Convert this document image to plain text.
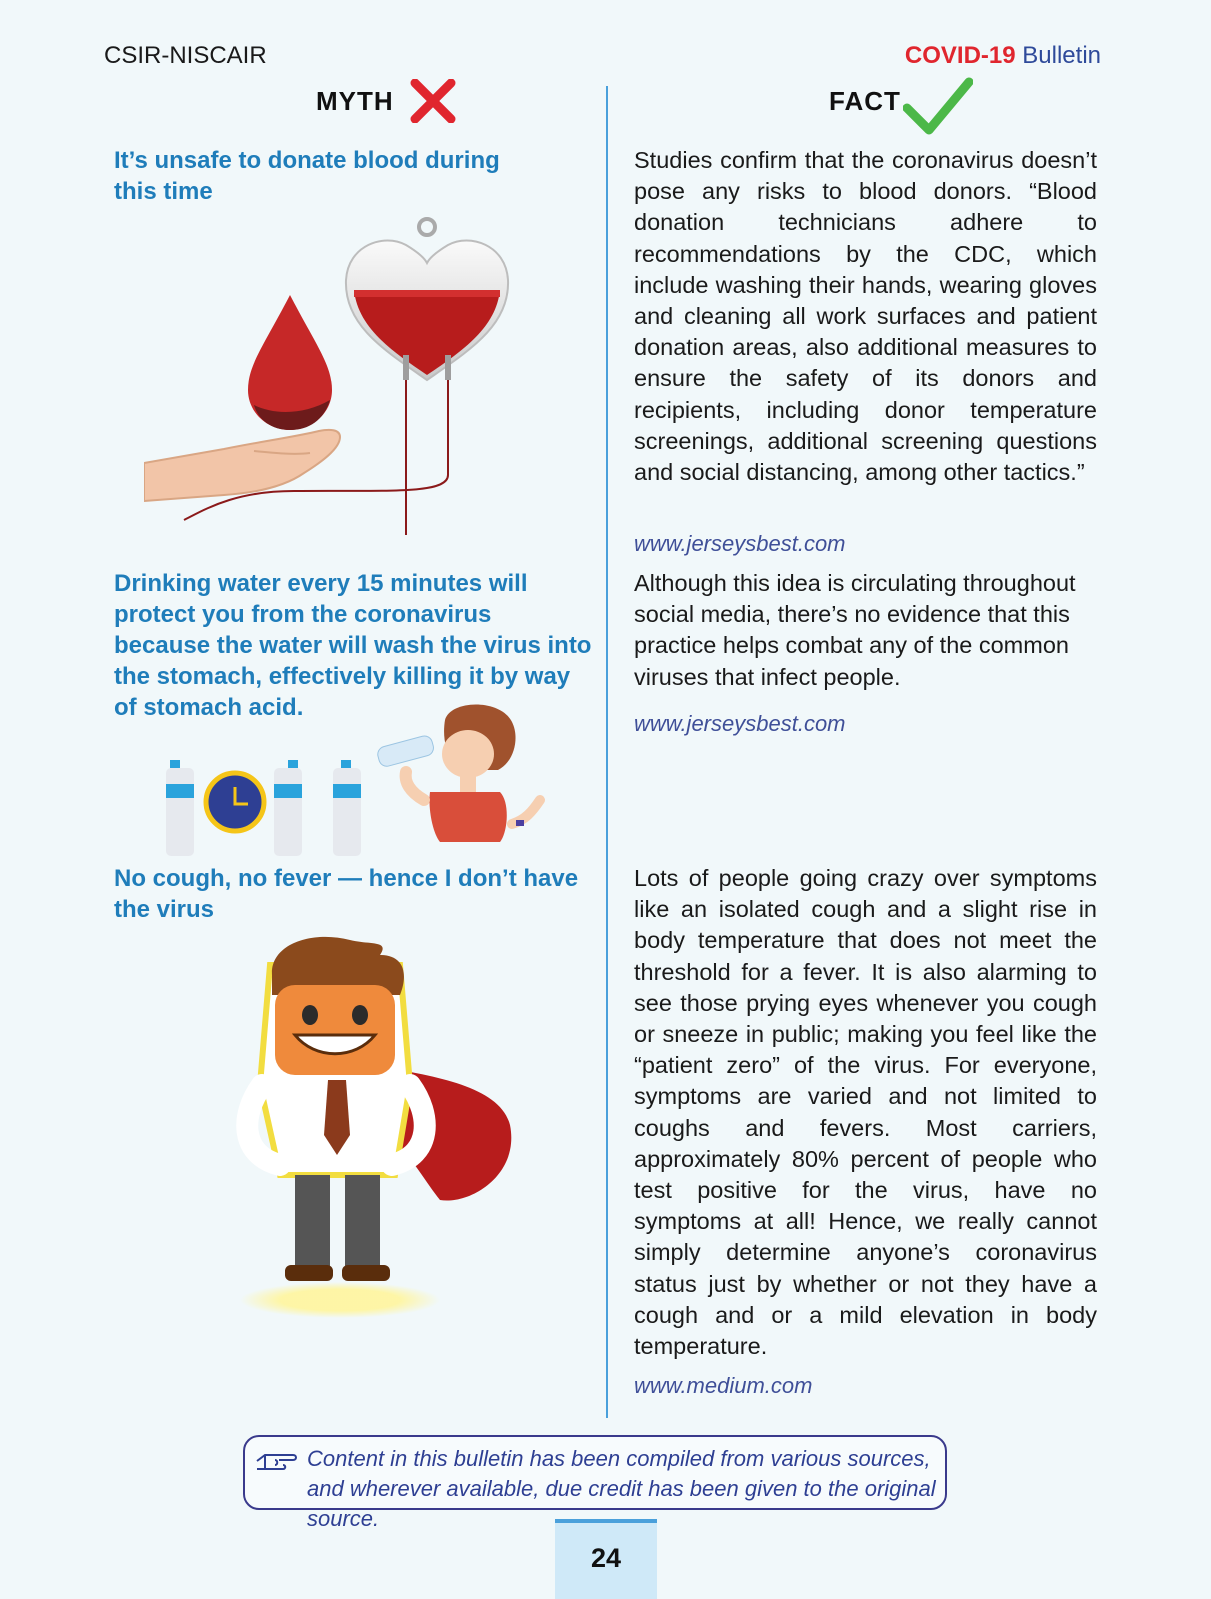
CSIR-NISCAIR	COVID-19 Bulletin
MYTH	FACT
It’s unsafe to donate blood during this time
Studies confirm that the coronavirus doesn’t pose any risks to blood donors. “Blood donation technicians adhere to recommendations by the CDC, which include washing their hands, wearing gloves and cleaning all work surfaces and patient donation areas, also additional measures to ensure the safety of its donors and recipients, including donor temperature screenings, additional screening questions and social distancing, among other tactics.”
www.jerseysbest.com
Drinking water every 15 minutes will protect you from the coronavirus because the water will wash the virus into the stomach, effectively killing it by way of stomach acid.
Although this idea is circulating throughout social media, there’s no evidence that this practice helps combat any of the common viruses that infect people.
www.jerseysbest.com
No cough, no fever — hence I don’t have the virus
Lots of people going crazy over symptoms like an isolated cough and a slight rise in body temperature that does not meet the threshold for a fever. It is also alarming to see those prying eyes whenever you cough or sneeze in public; making you feel like the “patient zero” of the virus. For everyone, symptoms are varied and not limited to coughs and fevers. Most carriers, approximately 80% percent of people who test positive for the virus, have no symptoms at all! Hence, we really cannot simply determine anyone’s coronavirus status just by whether or not they have a cough and or a mild elevation in body temperature.
www.medium.com
Content in this bulletin has been compiled from various sources, and wherever available, due credit has been given to the original source.
24
